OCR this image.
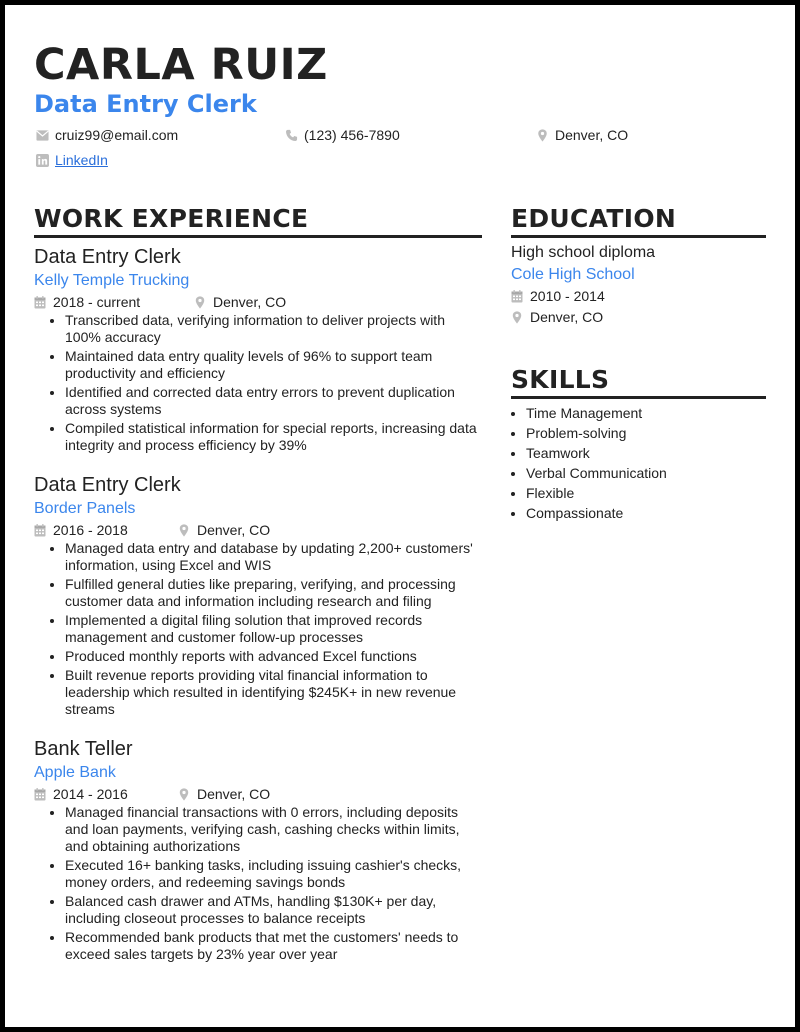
CARLA RUIZ
Data Entry Clerk
cruiz99@email.com	(123) 456-7890	Denver, CO
LinkedIn
WORK EXPERIENCE
Data Entry Clerk
Kelly Temple Trucking
2018 - current	Denver, CO
• Transcribed data, verifying information to deliver projects with 100% accuracy
• Maintained data entry quality levels of 96% to support team productivity and efficiency
• Identified and corrected data entry errors to prevent duplication across systems
• Compiled statistical information for special reports, increasing data integrity and process efficiency by 39%
Data Entry Clerk
Border Panels
2016 - 2018	Denver, CO
• Managed data entry and database by updating 2,200+ customers' information, using Excel and WIS
• Fulfilled general duties like preparing, verifying, and processing customer data and information including research and filing
• Implemented a digital filing solution that improved records management and customer follow-up processes
• Produced monthly reports with advanced Excel functions
• Built revenue reports providing vital financial information to leadership which resulted in identifying $245K+ in new revenue streams
Bank Teller
Apple Bank
2014 - 2016	Denver, CO
• Managed financial transactions with 0 errors, including deposits and loan payments, verifying cash, cashing checks within limits, and obtaining authorizations
• Executed 16+ banking tasks, including issuing cashier's checks, money orders, and redeeming savings bonds
• Balanced cash drawer and ATMs, handling $130K+ per day, including closeout processes to balance receipts
• Recommended bank products that met the customers' needs to exceed sales targets by 23% year over year
EDUCATION
High school diploma
Cole High School
2010 - 2014
Denver, CO
SKILLS
• Time Management
• Problem-solving
• Teamwork
• Verbal Communication
• Flexible
• Compassionate
